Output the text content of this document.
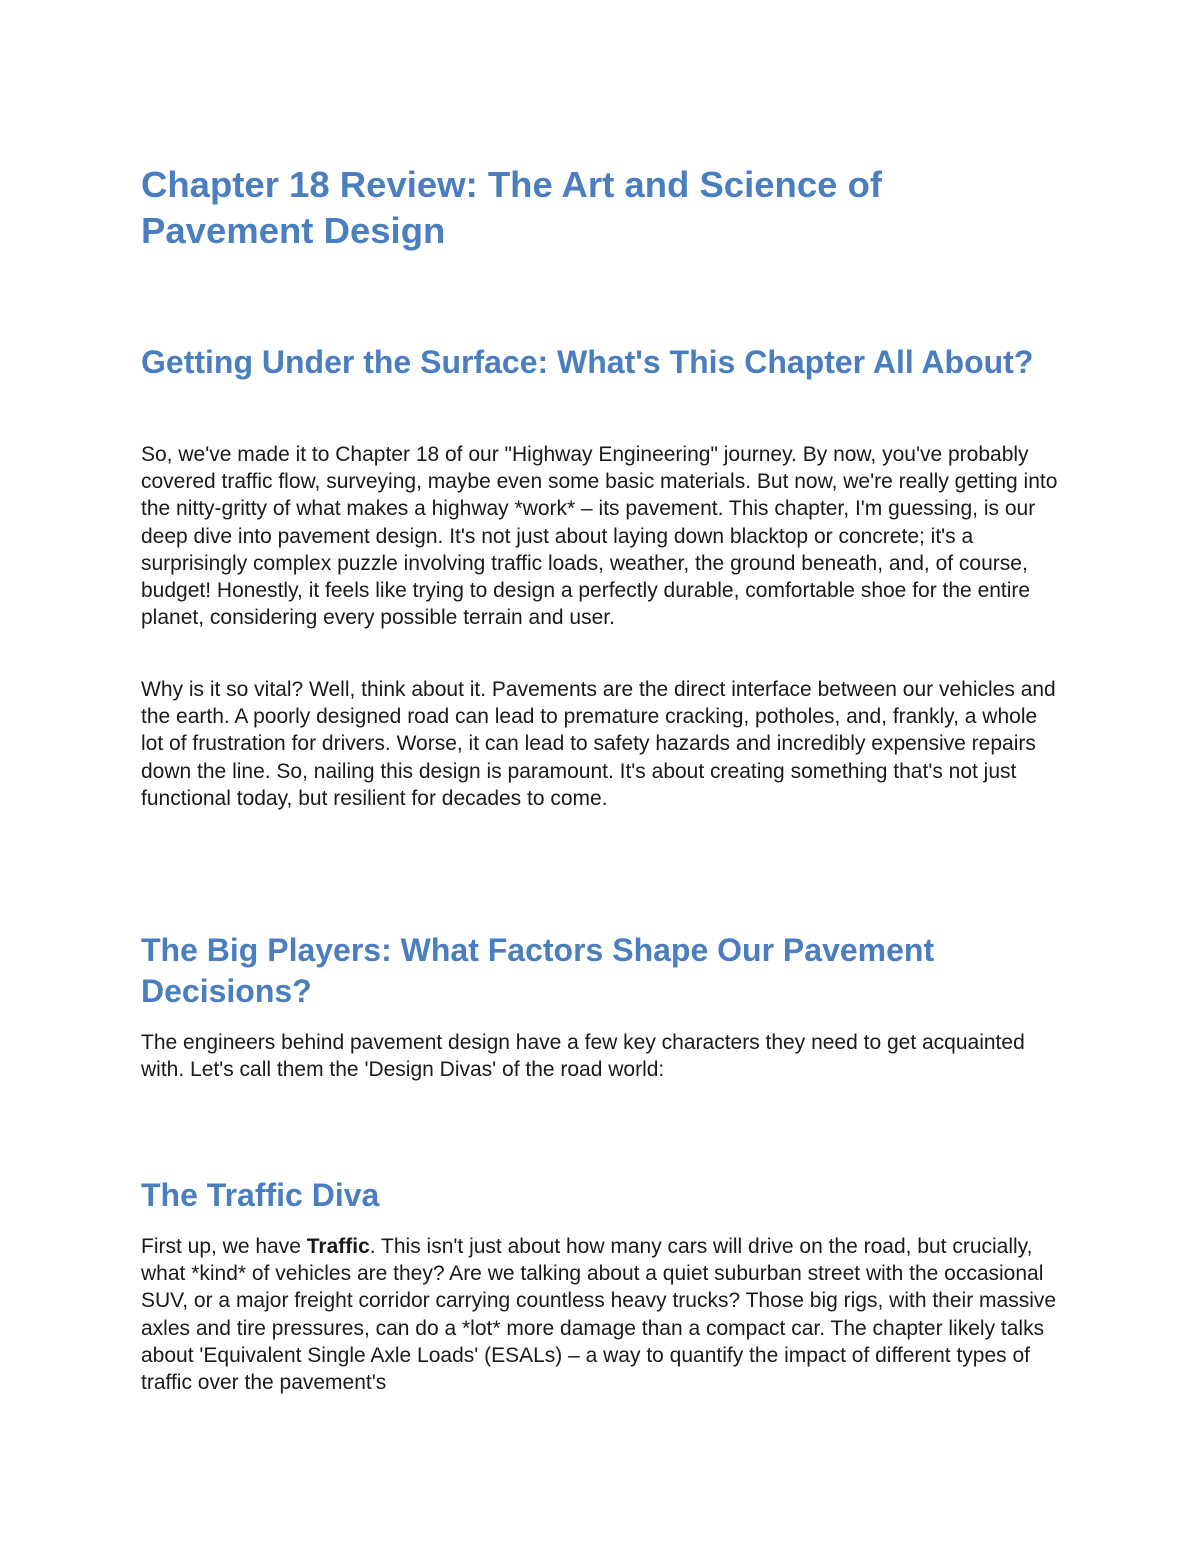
Chapter 18 Review: The Art and Science of Pavement Design
Getting Under the Surface: What's This Chapter All About?

So, we've made it to Chapter 18 of our "Highway Engineering" journey. By now, you've probably covered traffic flow, surveying, maybe even some basic materials. But now, we're really getting into the nitty-gritty of what makes a highway *work* – its pavement. This chapter, I'm guessing, is our deep dive into pavement design. It's not just about laying down blacktop or concrete; it's a surprisingly complex puzzle involving traffic loads, weather, the ground beneath, and, of course, budget! Honestly, it feels like trying to design a perfectly durable, comfortable shoe for the entire planet, considering every possible terrain and user.

Why is it so vital? Well, think about it. Pavements are the direct interface between our vehicles and the earth. A poorly designed road can lead to premature cracking, potholes, and, frankly, a whole lot of frustration for drivers. Worse, it can lead to safety hazards and incredibly expensive repairs down the line. So, nailing this design is paramount. It's about creating something that's not just functional today, but resilient for decades to come.

The Big Players: What Factors Shape Our Pavement Decisions?

The engineers behind pavement design have a few key characters they need to get acquainted with. Let's call them the 'Design Divas' of the road world:

The Traffic Diva

First up, we have Traffic. This isn't just about how many cars will drive on the road, but crucially, what *kind* of vehicles are they? Are we talking about a quiet suburban street with the occasional SUV, or a major freight corridor carrying countless heavy trucks? Those big rigs, with their massive axles and tire pressures, can do a *lot* more damage than a compact car. The chapter likely talks about 'Equivalent Single Axle Loads' (ESALs) – a way to quantify the impact of different types of traffic over the pavement's
